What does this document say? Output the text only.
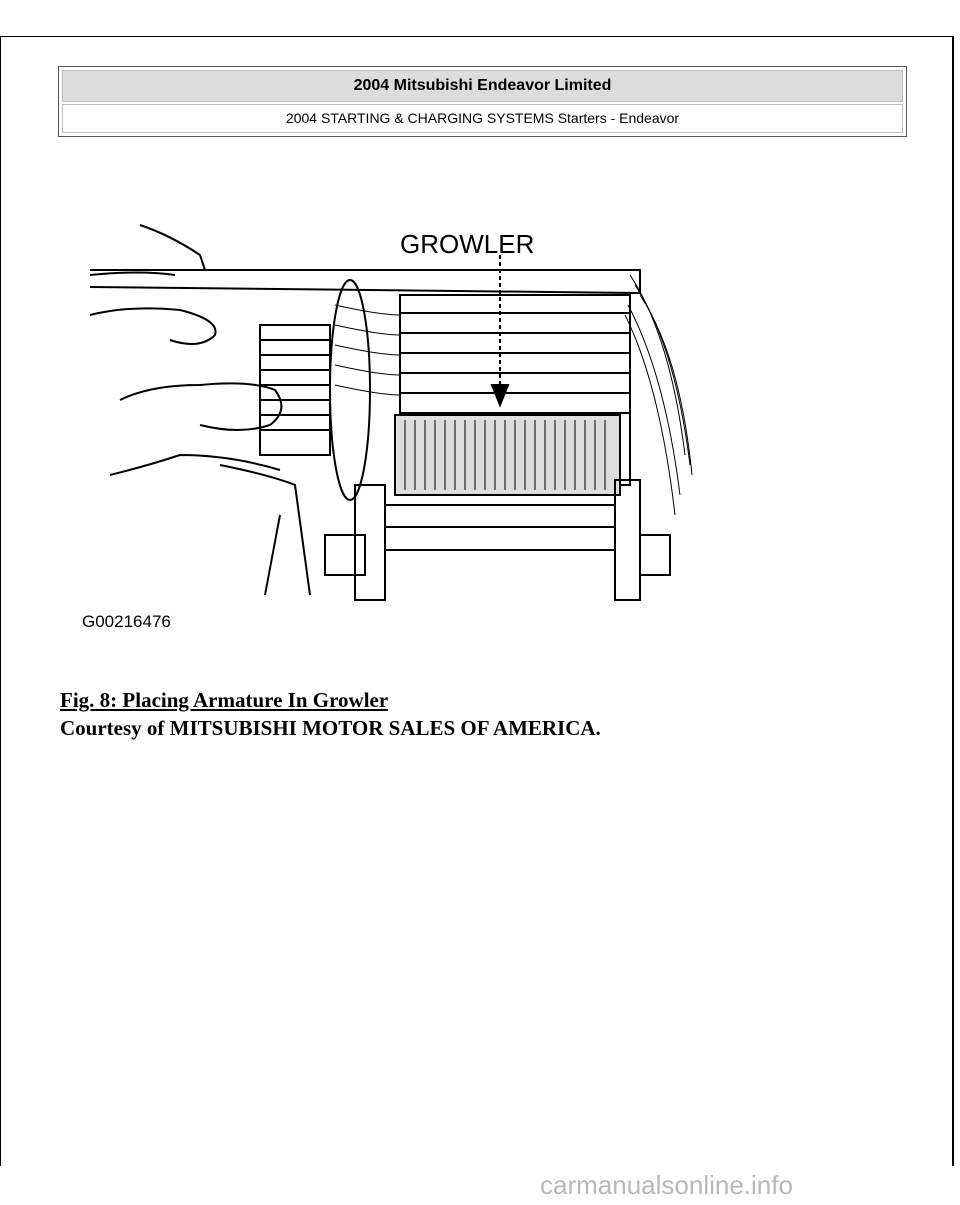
2004 Mitsubishi Endeavor Limited
2004 STARTING & CHARGING SYSTEMS Starters - Endeavor
GROWLER
G00216476
Fig. 8: Placing Armature In Growler
Courtesy of MITSUBISHI MOTOR SALES OF AMERICA.
carmanualsonline.info
